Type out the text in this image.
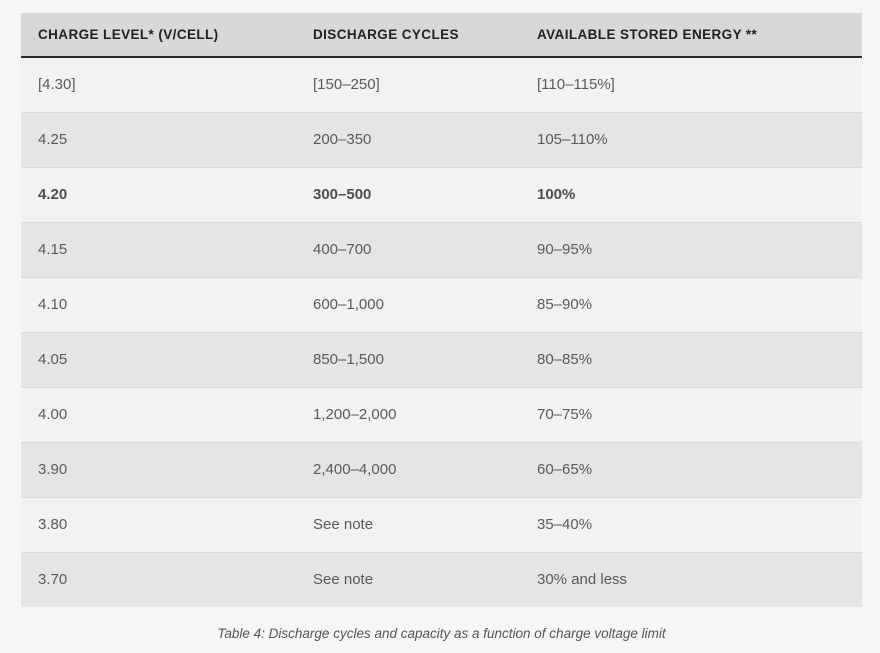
CHARGE LEVEL* (V/CELL)	DISCHARGE CYCLES	AVAILABLE STORED ENERGY **
[4.30]	[150–250]	[110–115%]
4.25	200–350	105–110%
4.20	300–500	100%
4.15	400–700	90–95%
4.10	600–1,000	85–90%
4.05	850–1,500	80–85%
4.00	1,200–2,000	70–75%
3.90	2,400–4,000	60–65%
3.80	See note	35–40%
3.70	See note	30% and less
Table 4: Discharge cycles and capacity as a function of charge voltage limit
